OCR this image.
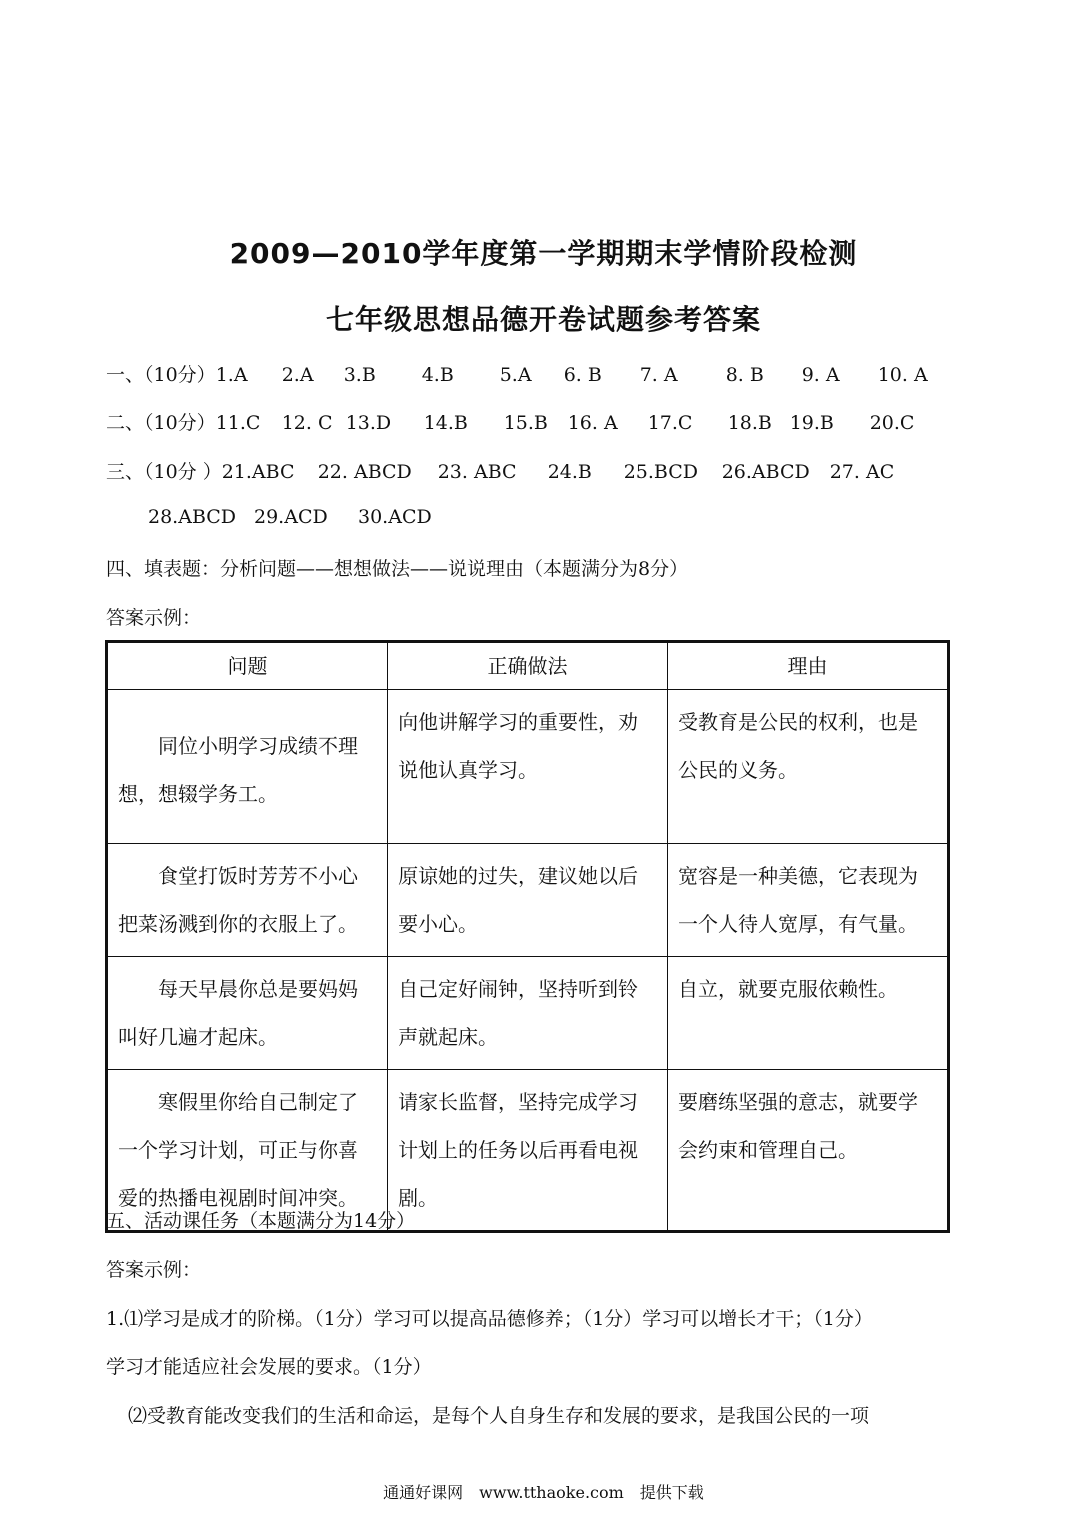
2009—2010学年度第一学期期末学情阶段检测
七年级思想品德开卷试题参考答案
一、（10分）1.A 2.A 3.B 4.B 5.A 6. B 7. A	8. B 9. A 10. A
二、（10分）11.C 12. C 13.D 14.B 15.B 16. A 17.C 18.B 19.B 20.C
三、（10分 ）21.ABC 22. ABCD 23. ABC 24.B 25.BCD 26.ABCD 27. AC
28.ABCD 29.ACD 30.ACD
四、填表题：分析问题——想想做法——说说理由（本题满分为8分）
答案示例：
问题	正确做法	理由
同位小明学习成绩不理想，想辍学务工。	向他讲解学习的重要性，劝说他认真学习。	受教育是公民的权利，也是公民的义务。
食堂打饭时芳芳不小心把菜汤溅到你的衣服上了。	原谅她的过失，建议她以后要小心。	宽容是一种美德，它表现为一个人待人宽厚，有气量。
每天早晨你总是要妈妈叫好几遍才起床。	自己定好闹钟，坚持听到铃声就起床。	自立，就要克服依赖性。
寒假里你给自己制定了一个学习计划，可正与你喜爱的热播电视剧时间冲突。	请家长监督，坚持完成学习计划上的任务以后再看电视剧。	要磨练坚强的意志，就要学会约束和管理自己。
五、活动课任务（本题满分为14分）
答案示例：
1.⑴学习是成才的阶梯。（1分）学习可以提高品德修养；（1分）学习可以增长才干；（1分）
学习才能适应社会发展的要求。（1分）
⑵受教育能改变我们的生活和命运，是每个人自身生存和发展的要求，是我国公民的一项
通通好课网　www.tthaoke.com　提供下载
